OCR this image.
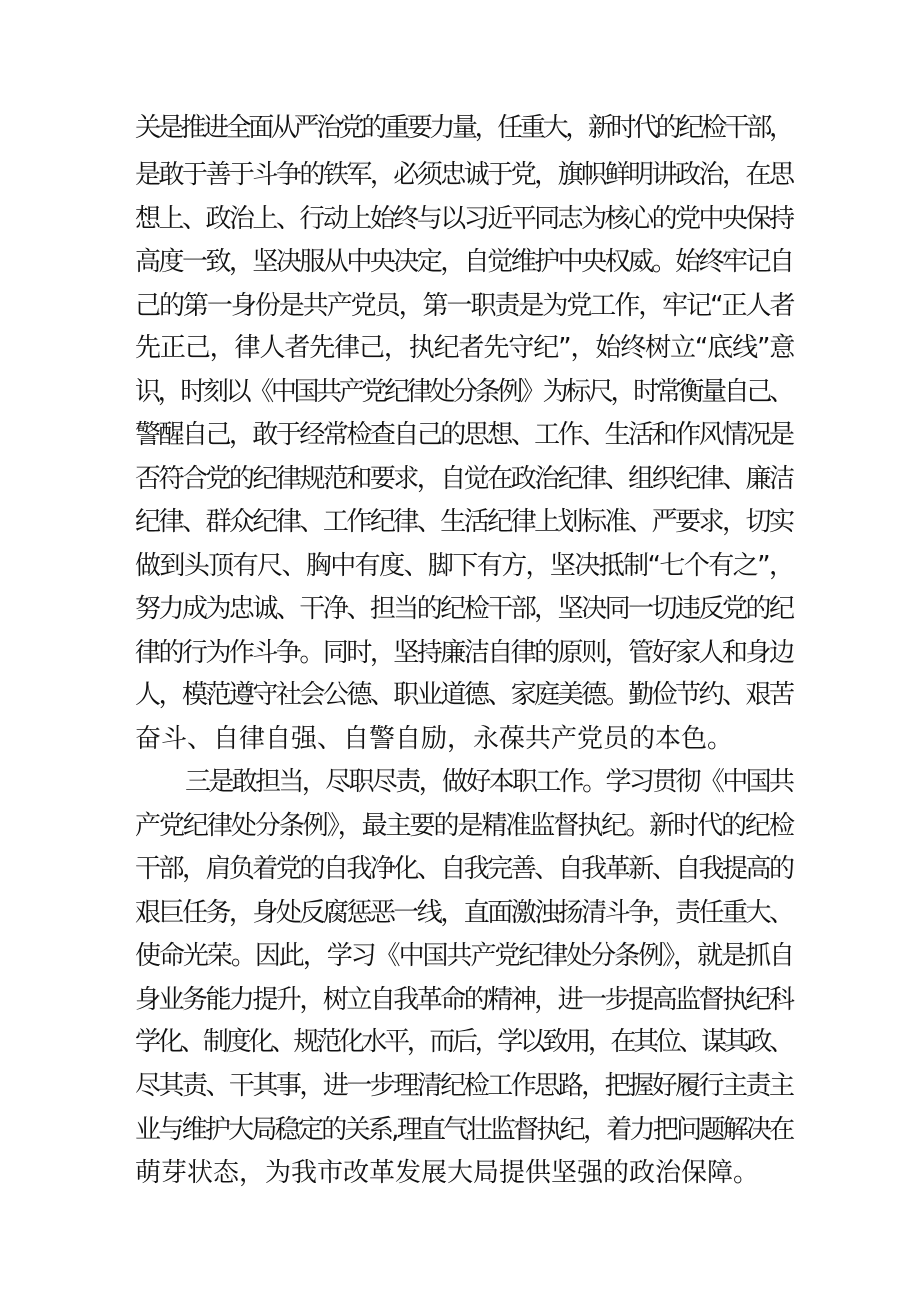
关是推进全面从严治党的重要力量，任重大，新时代的纪检干部，
是敢于善于斗争的铁军，必须忠诚于党，旗帜鲜明讲政治，在思
想上、政治上、行动上始终与以习近平同志为核心的党中央保持
高度一致，坚决服从中央决定，自觉维护中央权威。始终牢记自
己的第一身份是共产党员，第一职责是为党工作，牢记“正人者
先正己，律人者先律己，执纪者先守纪”，始终树立“底线”意
识，时刻以《中国共产党纪律处分条例》为标尺，时常衡量自己、
警醒自己，敢于经常检查自己的思想、工作、生活和作风情况是
否符合党的纪律规范和要求，自觉在政治纪律、组织纪律、廉洁
纪律、群众纪律、工作纪律、生活纪律上划标准、严要求，切实
做到头顶有尺、胸中有度、脚下有方，坚决抵制“七个有之”，
努力成为忠诚、干净、担当的纪检干部，坚决同一切违反党的纪
律的行为作斗争。同时，坚持廉洁自律的原则，管好家人和身边
人，模范遵守社会公德、职业道德、家庭美德。勤俭节约、艰苦
奋斗、自律自强、自警自励，永葆共产党员的本色。
三是敢担当，尽职尽责，做好本职工作。学习贯彻《中国共
产党纪律处分条例》，最主要的是精准监督执纪。新时代的纪检
干部，肩负着党的自我净化、自我完善、自我革新、自我提高的
艰巨任务，身处反腐惩恶一线，直面激浊扬清斗争，责任重大、
使命光荣。因此，学习《中国共产党纪律处分条例》，就是抓自
身业务能力提升，树立自我革命的精神，进一步提高监督执纪科
学化、制度化、规范化水平，而后，学以致用，在其位、谋其政、
尽其责、干其事，进一步理清纪检工作思路，把握好履行主责主
业与维护大局稳定的关系,理直气壮监督执纪，着力把问题解决在
萌芽状态，为我市改革发展大局提供坚强的政治保障。
